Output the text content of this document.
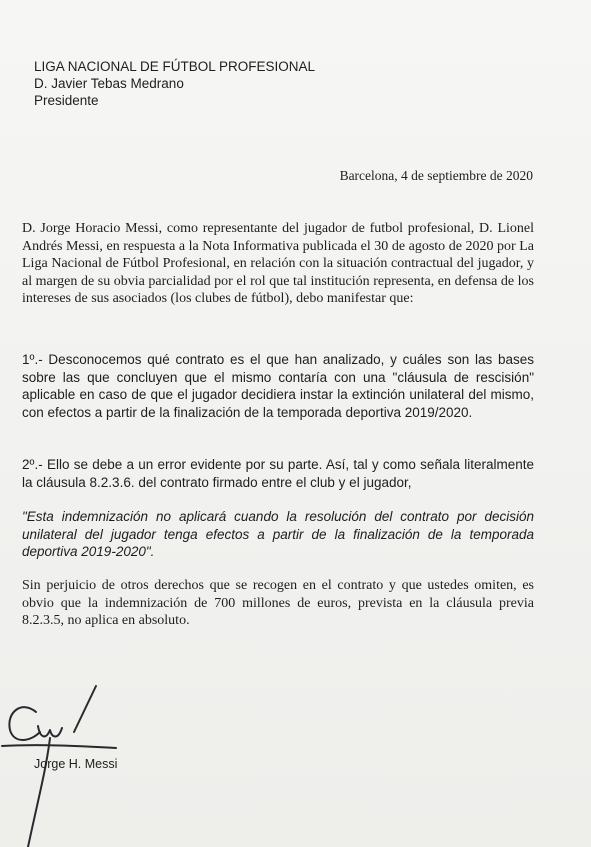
LIGA NACIONAL DE FÚTBOL PROFESIONAL
D. Javier Tebas Medrano
Presidente
Barcelona, 4 de septiembre de 2020
D. Jorge Horacio Messi, como representante del jugador de futbol profesional, D. Lionel Andrés Messi, en respuesta a la Nota Informativa publicada el 30 de agosto de 2020 por La Liga Nacional de Fútbol Profesional, en relación con la situación contractual del jugador, y al margen de su obvia parcialidad por el rol que tal institución representa, en defensa de los intereses de sus asociados (los clubes de fútbol), debo manifestar que:
1º.- Desconocemos qué contrato es el que han analizado, y cuáles son las bases sobre las que concluyen que el mismo contaría con una "cláusula de rescisión" aplicable en caso de que el jugador decidiera instar la extinción unilateral del mismo, con efectos a partir de la finalización de la temporada deportiva 2019/2020.
2º.- Ello se debe a un error evidente por su parte. Así, tal y como señala literalmente la cláusula 8.2.3.6. del contrato firmado entre el club y el jugador,
"Esta indemnización no aplicará cuando la resolución del contrato por decisión unilateral del jugador tenga efectos a partir de la finalización de la temporada deportiva 2019-2020".
Sin perjuicio de otros derechos que se recogen en el contrato y que ustedes omiten, es obvio que la indemnización de 700 millones de euros, prevista en la cláusula previa 8.2.3.5, no aplica en absoluto.
Jorge H. Messi
